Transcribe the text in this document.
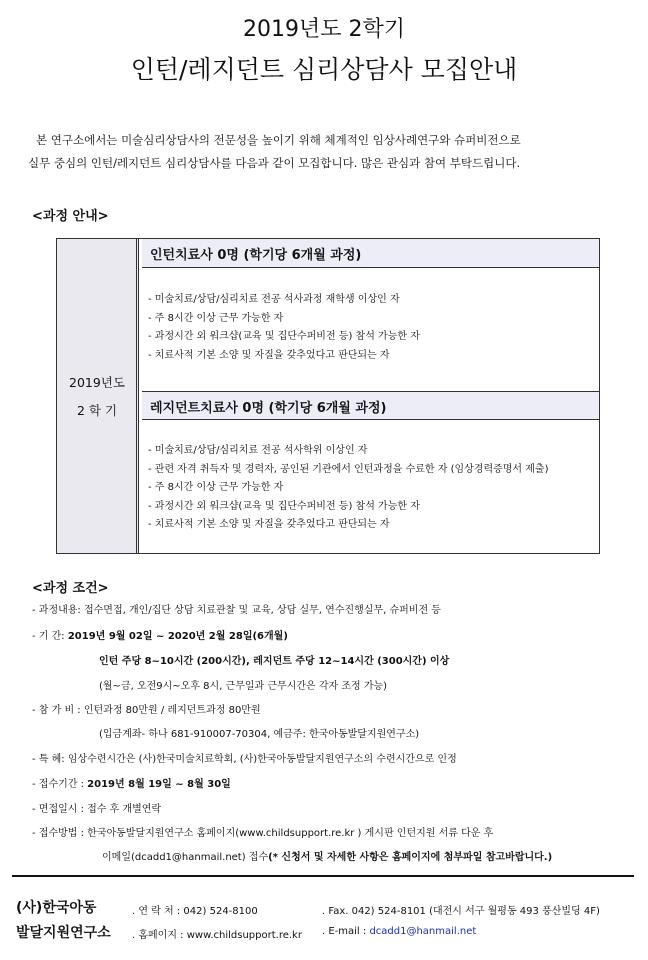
2019년도 2학기
인턴/레지던트 심리상담사 모집안내

본 연구소에서는 미술심리상담사의 전문성을 높이기 위해 체계적인 임상사례연구와 슈퍼비전으로

실무 중심의 인턴/레지던트 심리상담사를 다음과 같이 모집합니다. 많은 관심과 참여 부탁드립니다.

<과정 안내>
2019년도
2 학 기
인턴치료사 0명 (학기당 6개월 과정)
- 미술치료/상담/심리치료 전공 석사과정 재학생 이상인 자
- 주 8시간 이상 근무 가능한 자
- 과정시간 외 워크샵(교육 및 집단수퍼비전 등) 참석 가능한 자
- 치료사적 기본 소양 및 자질을 갖추었다고 판단되는 자
레지던트치료사 0명 (학기당 6개월 과정)
- 미술치료/상담/심리치료 전공 석사학위 이상인 자
- 관련 자격 취득자 및 경력자, 공인된 기관에서 인턴과정을 수료한 자 (임상경력증명서 제출)
- 주 8시간 이상 근무 가능한 자
- 과정시간 외 워크샵(교육 및 집단수퍼비전 등) 참석 가능한 자
- 치료사적 기본 소양 및 자질을 갖추었다고 판단되는 자
<과정 조건>
- 과정내용: 접수면접, 개인/집단 상담 치료관찰 및 교육, 상담 실무, 연수진행실무, 슈퍼비전 등
- 기 간: 2019년 9월 02일 ~ 2020년 2월 28일(6개월)
인턴 주당 8~10시간 (200시간), 레지던트 주당 12~14시간 (300시간) 이상
(월~금, 오전9시~오후 8시, 근무일과 근무시간은 각자 조정 가능)
- 참 가 비 : 인턴과정 80만원 / 레지던트과정 80만원
(입금계좌- 하나 681-910007-70304, 예금주: 한국아동발달지원연구소)
- 특 혜: 임상수련시간은 (사)한국미술치료학회, (사)한국아동발달지원연구소의 수련시간으로 인정
- 접수기간 : 2019년 8월 19일 ~ 8월 30일
- 면접일시 : 접수 후 개별연락
- 접수방법 : 한국아동발달지원연구소 홈페이지(www.childsupport.re.kr ) 게시판 인턴지원 서류 다운 후
이메일(dcadd1@hanmail.net) 접수(* 신청서 및 자세한 사항은 홈페이지에 첨부파일 참고바랍니다.)
(사)한국아동
발달지원연구소
. 연 락 처 : 042) 524-8100	. Fax. 042) 524-8101 (대전시 서구 월평동 493 풍산빌딩 4F)
. 홈페이지 : www.childsupport.re.kr . E-mail : dcadd1@hanmail.net
